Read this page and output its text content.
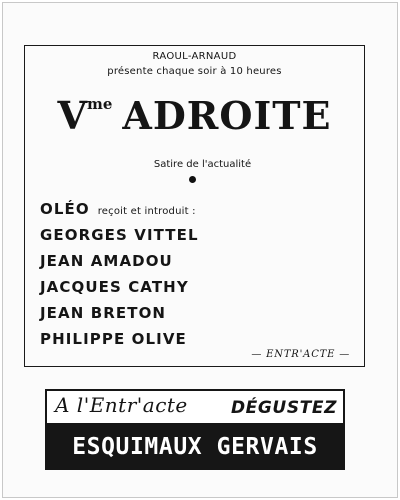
RAOUL-ARNAUD
présente chaque soir à 10 heures
Vme ADROITE
Satire de l'actualité
OLÉO reçoit et introduit :
GEORGES VITTEL
JEAN AMADOU
JACQUES CATHY
JEAN BRETON
PHILIPPE OLIVE
— ENTR'ACTE —
A l'Entr'acte	DÉGUSTEZ
ESQUIMAUX GERVAIS
